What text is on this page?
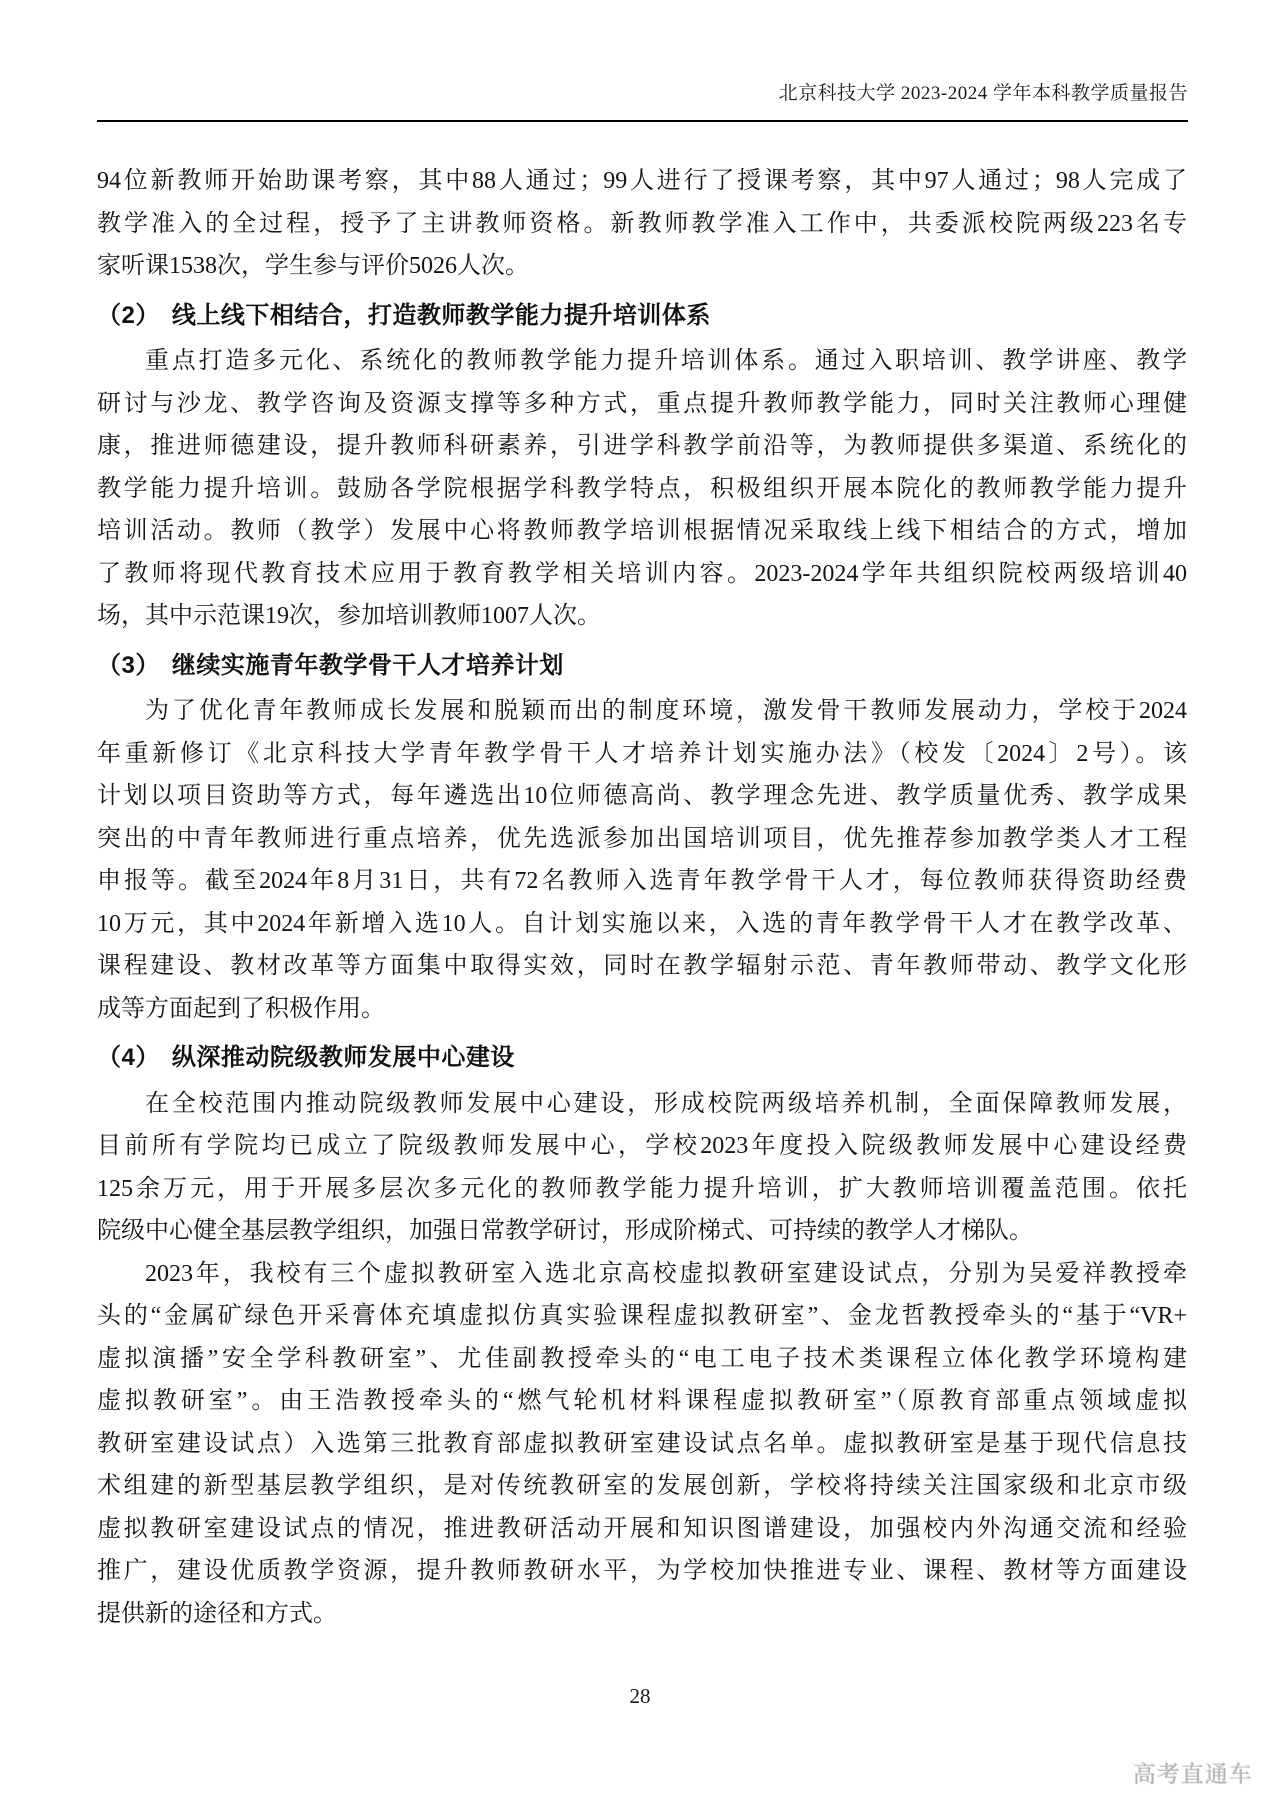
北京科技大学 2023-2024 学年本科教学质量报告
94位新教师开始助课考察，其中88人通过；99人进行了授课考察，其中97人通过；98人完成了
教学准入的全过程，授予了主讲教师资格。新教师教学准入工作中，共委派校院两级223名专
家听课1538次，学生参与评价5026人次。
（2） 线上线下相结合，打造教师教学能力提升培训体系
重点打造多元化、系统化的教师教学能力提升培训体系。通过入职培训、教学讲座、教学
研讨与沙龙、教学咨询及资源支撑等多种方式，重点提升教师教学能力，同时关注教师心理健
康，推进师德建设，提升教师科研素养，引进学科教学前沿等，为教师提供多渠道、系统化的
教学能力提升培训。鼓励各学院根据学科教学特点，积极组织开展本院化的教师教学能力提升
培训活动。教师（教学）发展中心将教师教学培训根据情况采取线上线下相结合的方式，增加
了教师将现代教育技术应用于教育教学相关培训内容。2023-2024学年共组织院校两级培训40
场，其中示范课19次，参加培训教师1007人次。
（3） 继续实施青年教学骨干人才培养计划
为了优化青年教师成长发展和脱颖而出的制度环境，激发骨干教师发展动力，学校于2024
年重新修订《北京科技大学青年教学骨干人才培养计划实施办法》（校发〔2024〕2号）。该
计划以项目资助等方式，每年遴选出10位师德高尚、教学理念先进、教学质量优秀、教学成果
突出的中青年教师进行重点培养，优先选派参加出国培训项目，优先推荐参加教学类人才工程
申报等。截至2024年8月31日，共有72名教师入选青年教学骨干人才，每位教师获得资助经费
10万元，其中2024年新增入选10人。自计划实施以来，入选的青年教学骨干人才在教学改革、
课程建设、教材改革等方面集中取得实效，同时在教学辐射示范、青年教师带动、教学文化形
成等方面起到了积极作用。
（4） 纵深推动院级教师发展中心建设
在全校范围内推动院级教师发展中心建设，形成校院两级培养机制，全面保障教师发展，
目前所有学院均已成立了院级教师发展中心，学校2023年度投入院级教师发展中心建设经费
125余万元，用于开展多层次多元化的教师教学能力提升培训，扩大教师培训覆盖范围。依托
院级中心健全基层教学组织，加强日常教学研讨，形成阶梯式、可持续的教学人才梯队。
2023年，我校有三个虚拟教研室入选北京高校虚拟教研室建设试点，分别为吴爱祥教授牵
头的“金属矿绿色开采膏体充填虚拟仿真实验课程虚拟教研室”、金龙哲教授牵头的“基于“VR+
虚拟演播”安全学科教研室”、尤佳副教授牵头的“电工电子技术类课程立体化教学环境构建
虚拟教研室”。由王浩教授牵头的“燃气轮机材料课程虚拟教研室”（原教育部重点领域虚拟
教研室建设试点）入选第三批教育部虚拟教研室建设试点名单。虚拟教研室是基于现代信息技
术组建的新型基层教学组织，是对传统教研室的发展创新，学校将持续关注国家级和北京市级
虚拟教研室建设试点的情况，推进教研活动开展和知识图谱建设，加强校内外沟通交流和经验
推广，建设优质教学资源，提升教师教研水平，为学校加快推进专业、课程、教材等方面建设
提供新的途径和方式。
28
高考直通车
